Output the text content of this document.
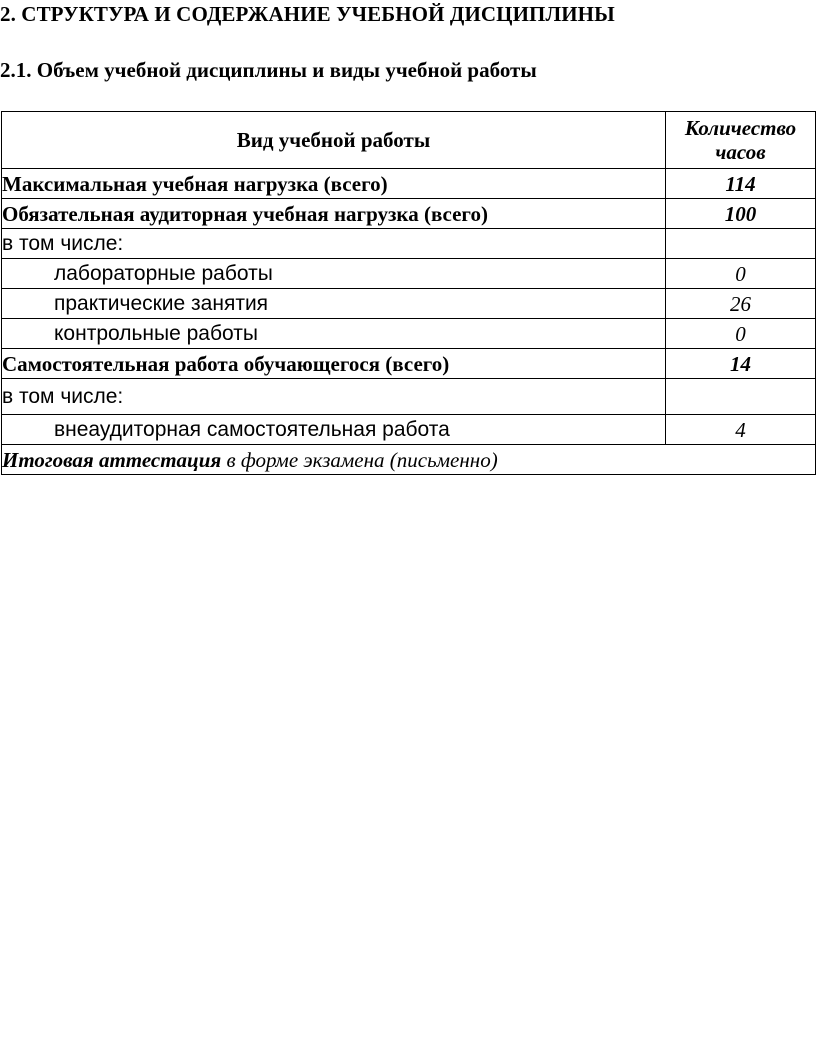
2. СТРУКТУРА И СОДЕРЖАНИЕ УЧЕБНОЙ ДИСЦИПЛИНЫ
2.1. Объем учебной дисциплины и виды учебной работы
Вид учебной работы	Количество
часов
Максимальная учебная нагрузка (всего)	114
Обязательная аудиторная учебная нагрузка (всего)	100
в том числе:	
лабораторные работы	0
практические занятия	26
контрольные работы	0
Самостоятельная работа обучающегося (всего)	14
в том числе:	
внеаудиторная самостоятельная работа	4
Итоговая аттестация в форме экзамена (письменно)	
